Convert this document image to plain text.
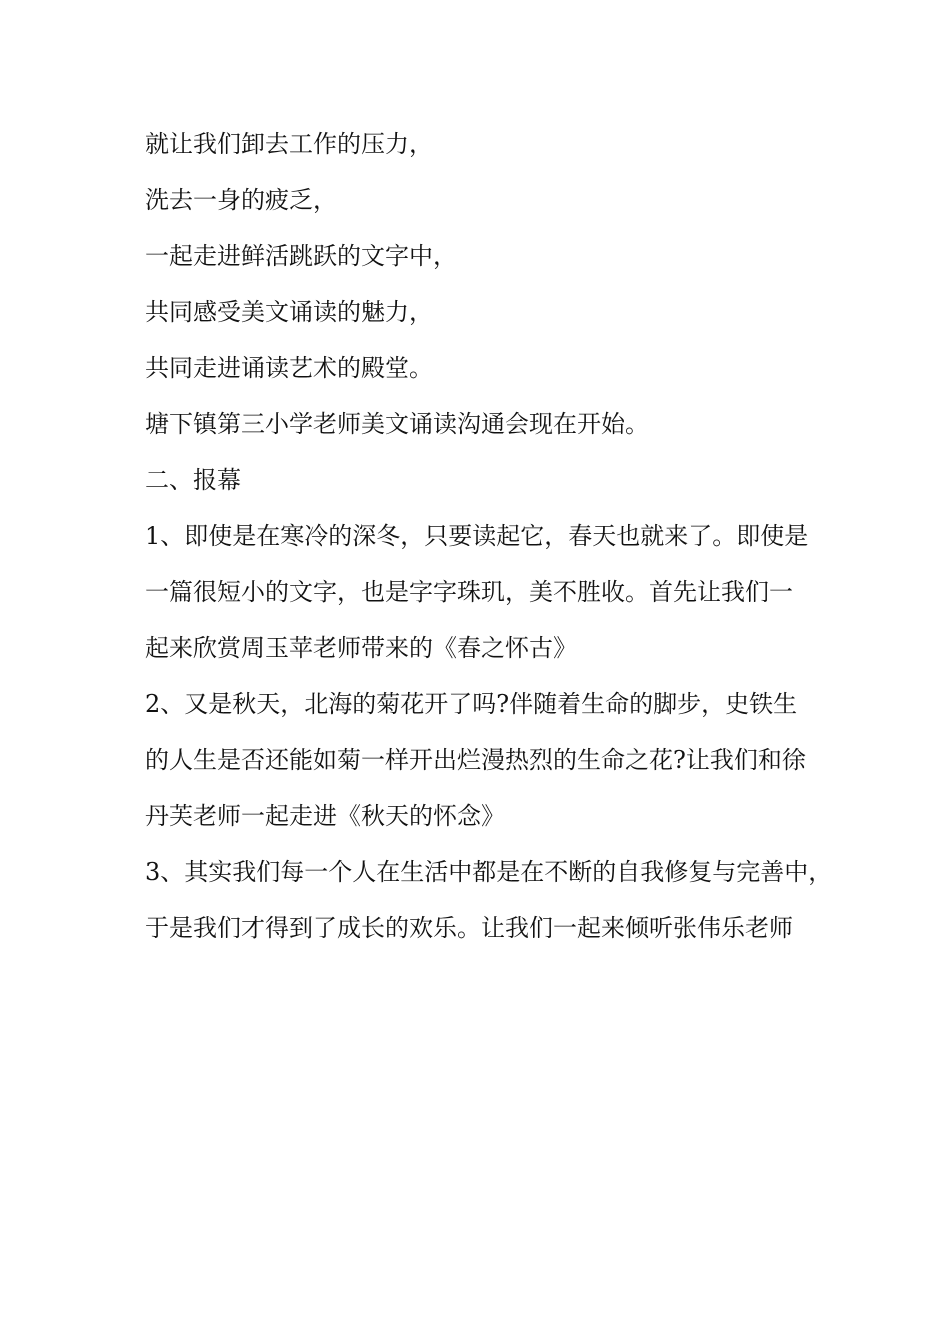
就让我们卸去工作的压力，
洗去一身的疲乏，
一起走进鲜活跳跃的文字中，
共同感受美文诵读的魅力，
共同走进诵读艺术的殿堂。
塘下镇第三小学老师美文诵读沟通会现在开始。
二、报幕
1、即使是在寒冷的深冬，只要读起它，春天也就来了。即使是
一篇很短小的文字，也是字字珠玑，美不胜收。首先让我们一
起来欣赏周玉苹老师带来的《春之怀古》
2、又是秋天，北海的菊花开了吗?伴随着生命的脚步，史铁生
的人生是否还能如菊一样开出烂漫热烈的生命之花?让我们和徐
丹芙老师一起走进《秋天的怀念》
3、其实我们每一个人在生活中都是在不断的自我修复与完善中，
于是我们才得到了成长的欢乐。让我们一起来倾听张伟乐老师
